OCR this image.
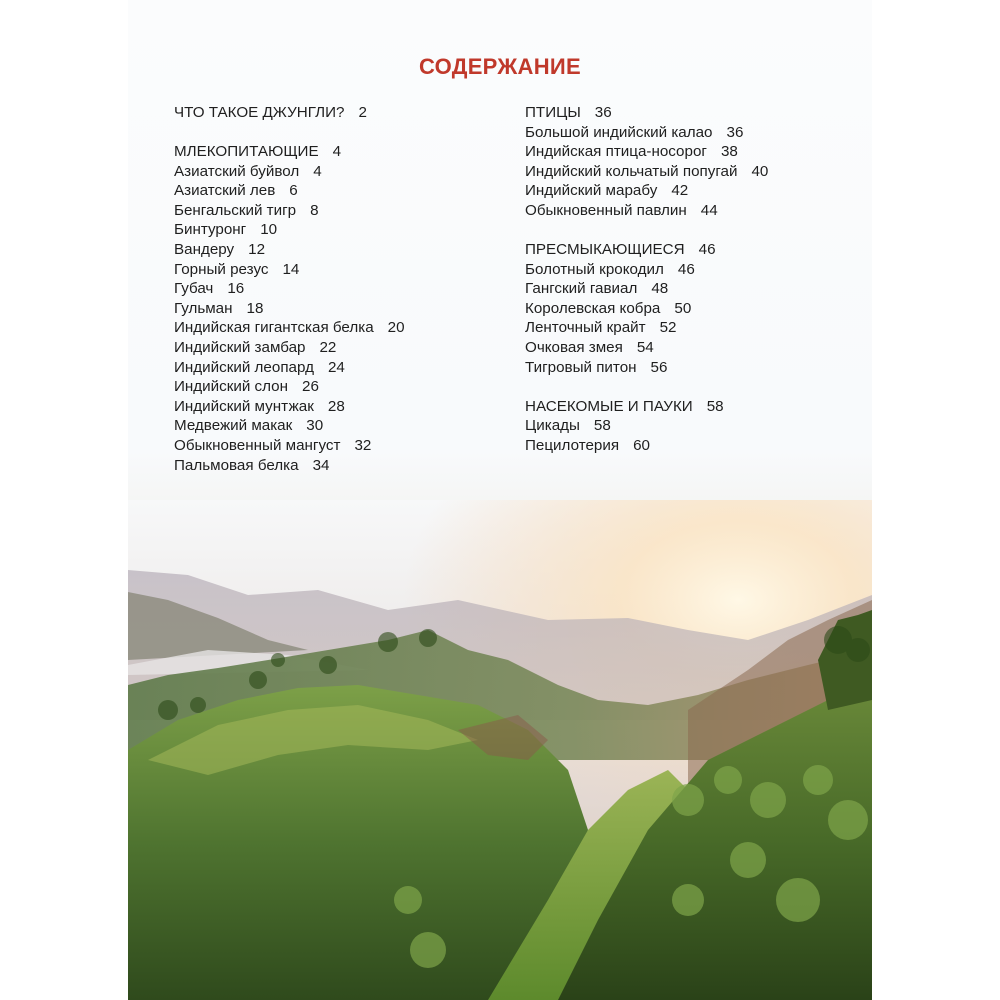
СОДЕРЖАНИЕ
ЧТО ТАКОЕ ДЖУНГЛИ? 2
МЛЕКОПИТАЮЩИЕ 4
Азиатский буйвол 4
Азиатский лев 6
Бенгальский тигр 8
Бинтуронг 10
Вандеру 12
Горный резус 14
Губач 16
Гульман 18
Индийская гигантская белка 20
Индийский замбар 22
Индийский леопард 24
Индийский слон 26
Индийский мунтжак 28
Медвежий макак 30
Обыкновенный мангуст 32
Пальмовая белка 34
ПТИЦЫ 36
Большой индийский калао 36
Индийская птица-носорог 38
Индийский кольчатый попугай 40
Индийский марабу 42
Обыкновенный павлин 44
ПРЕСМЫКАЮЩИЕСЯ 46
Болотный крокодил 46
Гангский гавиал 48
Королевская кобра 50
Ленточный крайт 52
Очковая змея 54
Тигровый питон 56
НАСЕКОМЫЕ И ПАУКИ 58
Цикады 58
Пецилотерия 60
